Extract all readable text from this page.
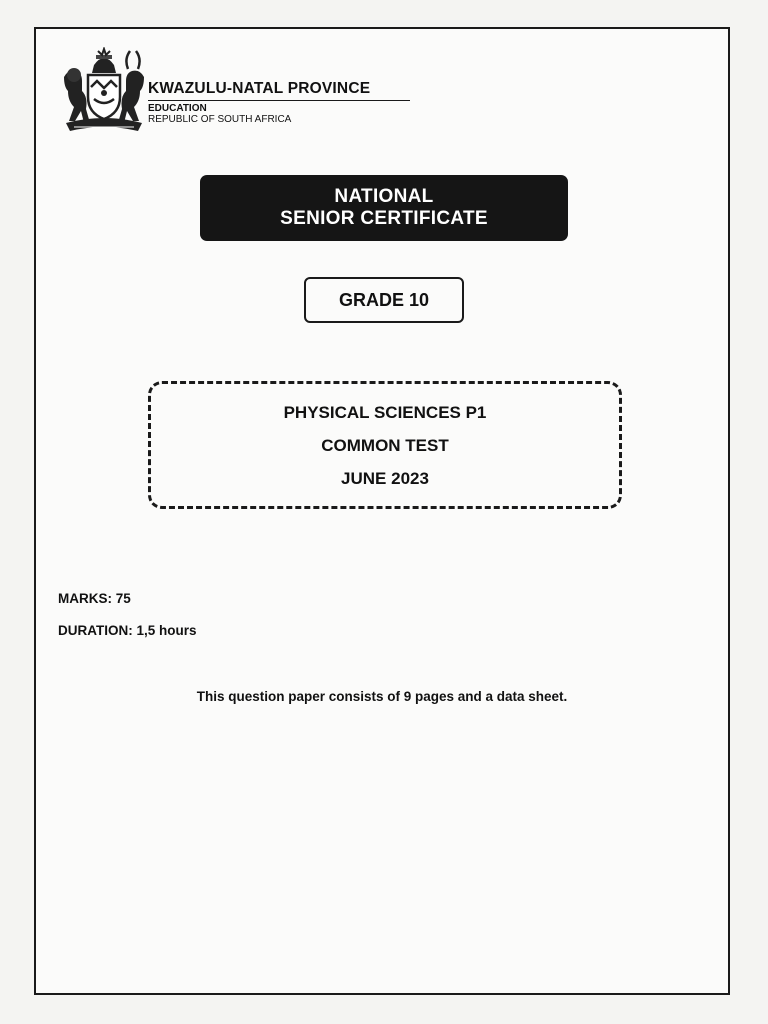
KWAZULU-NATAL PROVINCE
EDUCATION
REPUBLIC OF SOUTH AFRICA
NATIONAL
SENIOR CERTIFICATE
GRADE 10
PHYSICAL SCIENCES P1
COMMON TEST
JUNE 2023
MARKS: 75
DURATION: 1,5 hours
This question paper consists of 9 pages and a data sheet.
